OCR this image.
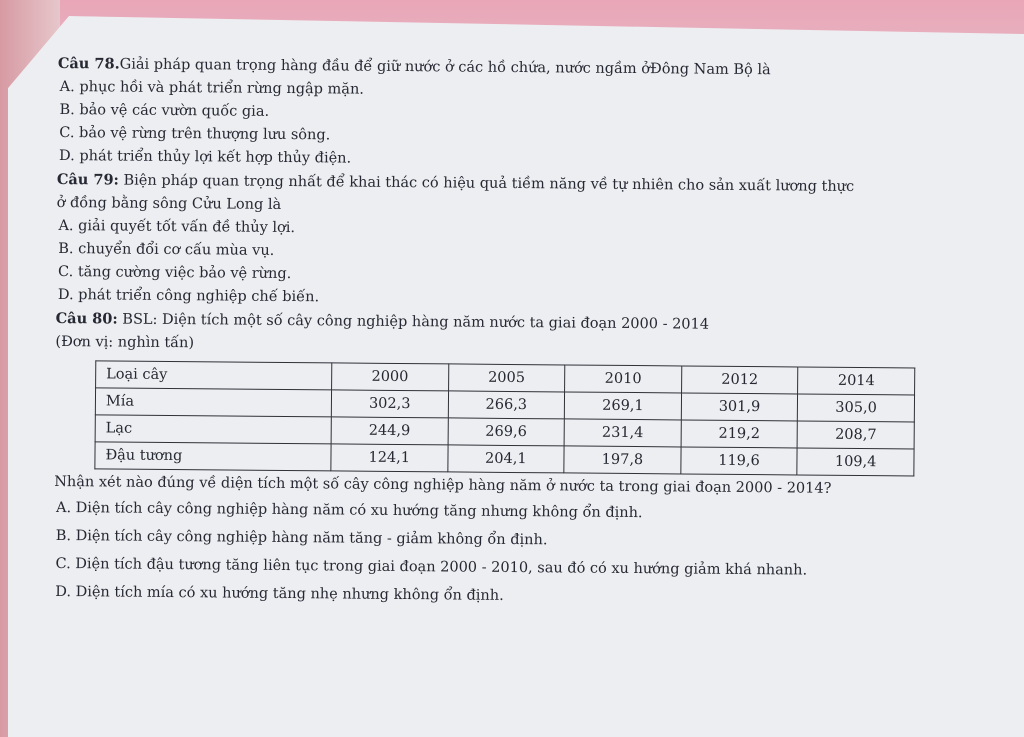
Câu 78.Giải pháp quan trọng hàng đầu để giữ nước ở các hồ chứa, nước ngầm ởĐông Nam Bộ là
A. phục hồi và phát triển rừng ngập mặn.
B. bảo vệ các vườn quốc gia.
C. bảo vệ rừng trên thượng lưu sông.
D. phát triển thủy lợi kết hợp thủy điện.
Câu 79: Biện pháp quan trọng nhất để khai thác có hiệu quả tiềm năng về tự nhiên cho sản xuất lương thực
ở đồng bằng sông Cửu Long là
A. giải quyết tốt vấn đề thủy lợi.
B. chuyển đổi cơ cấu mùa vụ.
C. tăng cường việc bảo vệ rừng.
D. phát triển công nghiệp chế biến.
Câu 80: BSL: Diện tích một số cây công nghiệp hàng năm nước ta giai đoạn 2000 - 2014
(Đơn vị: nghìn tấn)
Loại cây	2000	2005	2010	2012	2014
Mía	302,3	266,3	269,1	301,9	305,0
Lạc	244,9	269,6	231,4	219,2	208,7
Đậu tương	124,1	204,1	197,8	119,6	109,4
Nhận xét nào đúng về diện tích một số cây công nghiệp hàng năm ở nước ta trong giai đoạn 2000 - 2014?
A. Diện tích cây công nghiệp hàng năm có xu hướng tăng nhưng không ổn định.
B. Diện tích cây công nghiệp hàng năm tăng - giảm không ổn định.
C. Diện tích đậu tương tăng liên tục trong giai đoạn 2000 - 2010, sau đó có xu hướng giảm khá nhanh.
D. Diện tích mía có xu hướng tăng nhẹ nhưng không ổn định.
